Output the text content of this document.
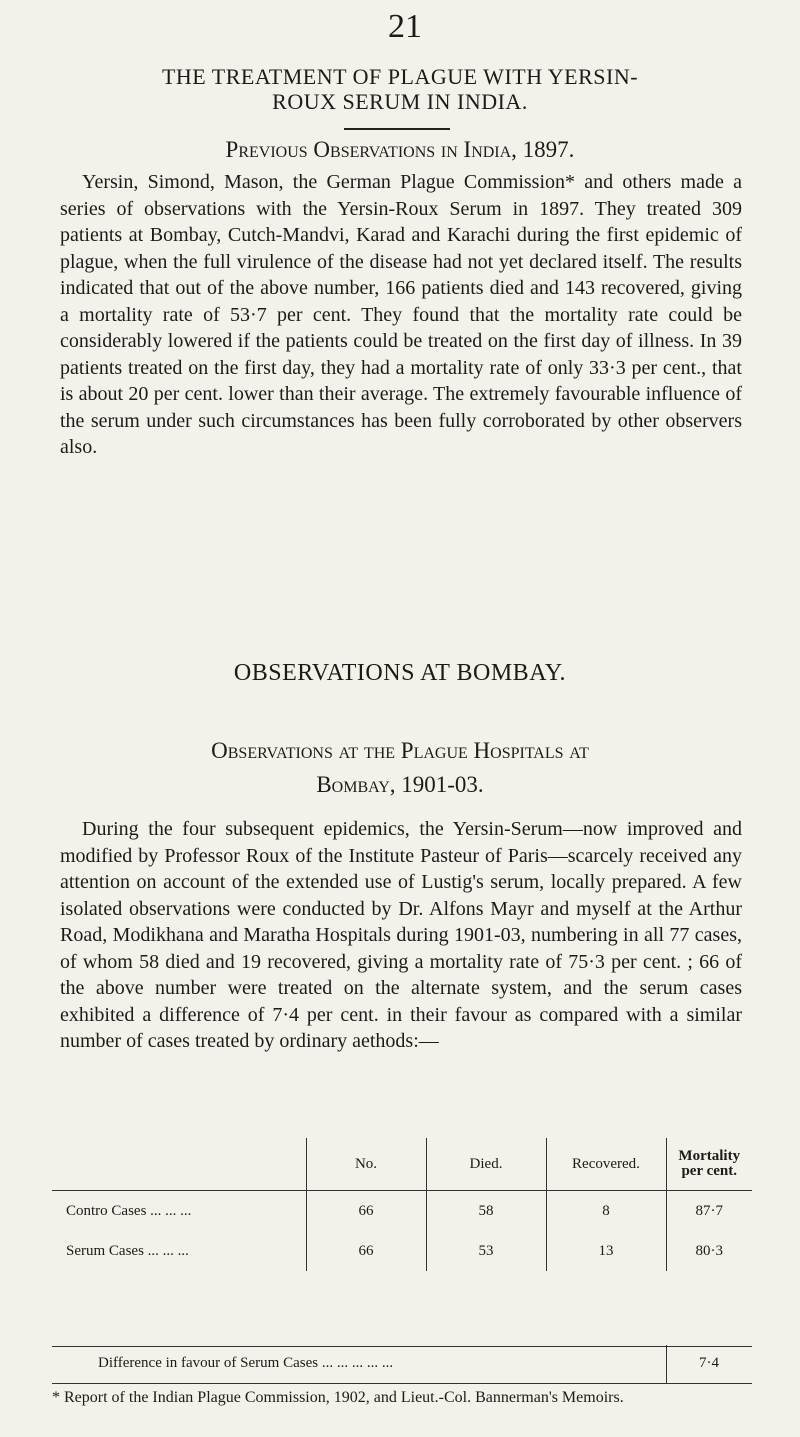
21
THE TREATMENT OF PLAGUE WITH YERSIN-
ROUX SERUM IN INDIA.
Previous Observations in India, 1897.

Yersin, Simond, Mason, the German Plague Commission* and others made a series of observations with the Yersin-Roux Serum in 1897. They treated 309 patients at Bombay, Cutch-Mandvi, Karad and Karachi during the first epidemic of plague, when the full virulence of the disease had not yet declared itself. The results indicated that out of the above number, 166 patients died and 143 recovered, giving a mortality rate of 53·7 per cent. They found that the mortality rate could be considerably lowered if the patients could be treated on the first day of illness. In 39 patients treated on the first day, they had a mortality rate of only 33·3 per cent., that is about 20 per cent. lower than their average. The extremely favourable influence of the serum under such circumstances has been fully corroborated by other observers also.

OBSERVATIONS AT BOMBAY.
Observations at the Plague Hospitals at
Bombay, 1901-03.

During the four subsequent epidemics, the Yersin-Serum—now improved and modified by Professor Roux of the Institute Pasteur of Paris—scarcely received any attention on account of the extended use of Lustig's serum, locally prepared. A few isolated observations were conducted by Dr. Alfons Mayr and myself at the Arthur Road, Modikhana and Maratha Hospitals during 1901-03, numbering in all 77 cases, of whom 58 died and 19 recovered, giving a mortality rate of 75·3 per cent. ; 66 of the above number were treated on the alternate system, and the serum cases exhibited a difference of 7·4 per cent. in their favour as compared with a similar number of cases treated by ordinary aethods:—

	No.	Died.	Recovered.	Mortality per cent.
Contro Cases ... ... ...	66	58	8	87·7
Serum Cases ... ... ...	66	53	13	80·3
Difference in favour of Serum Cases ... ... ... ... ...	7·4

* Report of the Indian Plague Commission, 1902, and Lieut.-Col. Bannerman's Memoirs.
